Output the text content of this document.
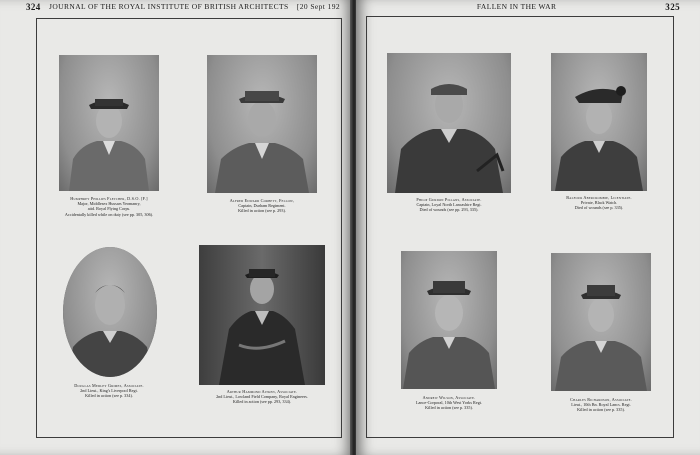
324 JOURNAL OF THE ROYAL INSTITUTE OF BRITISH ARCHITECTS [20 Sept 192
Humphrey Phillips Fletcher, D.S.O. [F.]
Major, Middlesex Hussars Yeomanry,
attd. Royal Flying Corps.
Accidentally killed while on duty (see pp. 305, 306).
Alfred Edward Corbett, Fellow,
Captain, Durham Regiment.
Killed in action (see p. 293).
Douglas Medley Grimes, Associate.
2nd Lieut., King's Liverpool Regt.
Killed in action (see p. 334).
Arthur Hammond Aitken, Associate.
2nd Lieut., Lowland Field Company, Royal Engineers.
Killed in action (see pp. 293, 334).
FALLEN IN THE WAR	325
Philip Gurdon Pillans, Associate.
Captain, Loyal North Lancashire Regt.
Died of wounds (see pp. 293, 335).
Balfour Abercrombie, Licentiate.
Private, Black Watch.
Died of wounds (see p. 335).
Andrew Wilson, Associate.
Lance-Corporal, 10th West Yorks Regt.
Killed in action (see p. 335).
Charles Richardson, Associate.
Lieut., 10th Bn. Royal Lancs. Regt.
Killed in action (see p. 335).
